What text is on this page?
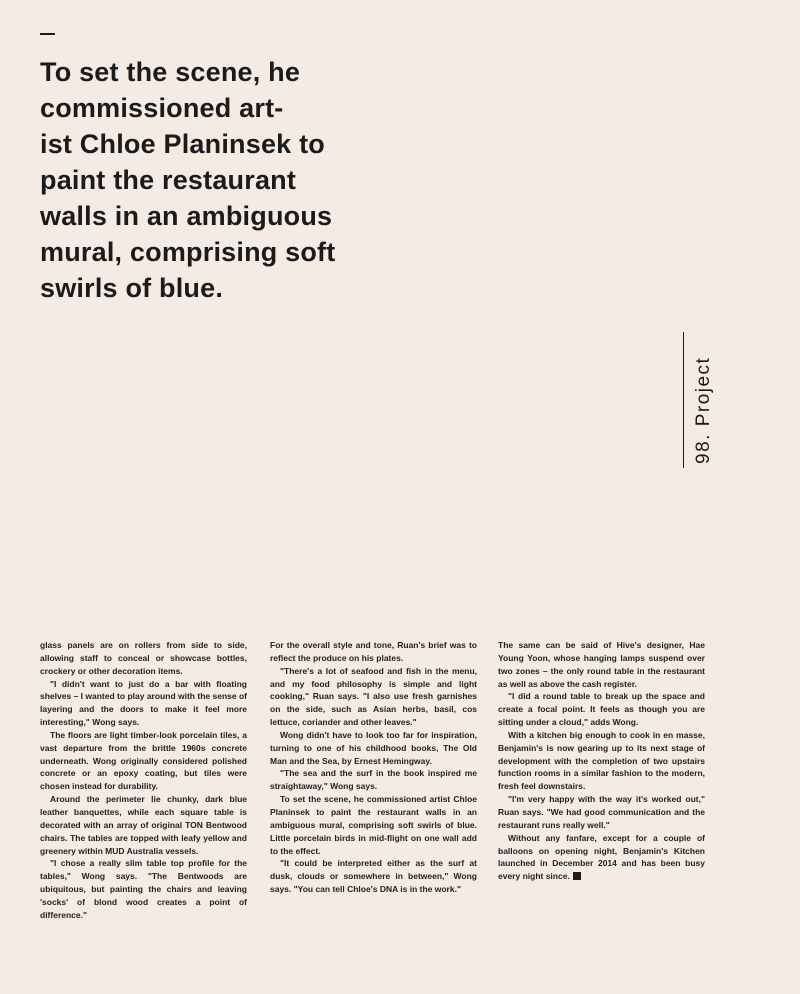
To set the scene, he
commissioned art-
ist Chloe Planinsek to
paint the restaurant
walls in an ambiguous
mural, comprising soft
swirls of blue.
98. Project

glass panels are on rollers from side to side, allowing staff to conceal or showcase bottles, crockery or other decoration items.

"I didn't want to just do a bar with floating shelves – I wanted to play around with the sense of layering and the doors to make it feel more interesting," Wong says.

The floors are light timber-look porcelain tiles, a vast departure from the brittle 1960s concrete underneath. Wong originally considered polished concrete or an epoxy coating, but tiles were chosen instead for durability.

Around the perimeter lie chunky, dark blue leather banquettes, while each square table is decorated with an array of original TON Bentwood chairs. The tables are topped with leafy yellow and greenery within MUD Australia vessels.

"I chose a really slim table top profile for the tables," Wong says. "The Bentwoods are ubiquitous, but painting the chairs and leaving 'socks' of blond wood creates a point of difference."

For the overall style and tone, Ruan's brief was to reflect the produce on his plates.

"There's a lot of seafood and fish in the menu, and my food philosophy is simple and light cooking," Ruan says. "I also use fresh garnishes on the side, such as Asian herbs, basil, cos lettuce, coriander and other leaves."

Wong didn't have to look too far for inspiration, turning to one of his childhood books, The Old Man and the Sea, by Ernest Hemingway.

"The sea and the surf in the book inspired me straightaway," Wong says.

To set the scene, he commissioned artist Chloe Planinsek to paint the restaurant walls in an ambiguous mural, comprising soft swirls of blue. Little porcelain birds in mid-flight on one wall add to the effect.

"It could be interpreted either as the surf at dusk, clouds or somewhere in between," Wong says. "You can tell Chloe's DNA is in the work."

The same can be said of Hive's designer, Hae Young Yoon, whose hanging lamps suspend over two zones – the only round table in the restaurant as well as above the cash register.

"I did a round table to break up the space and create a focal point. It feels as though you are sitting under a cloud," adds Wong.

With a kitchen big enough to cook in en masse, Benjamin's is now gearing up to its next stage of development with the completion of two upstairs function rooms in a similar fashion to the modern, fresh feel downstairs.

"I'm very happy with the way it's worked out," Ruan says. "We had good communication and the restaurant runs really well."

Without any fanfare, except for a couple of balloons on opening night, Benjamin's Kitchen launched in December 2014 and has been busy every night since.
